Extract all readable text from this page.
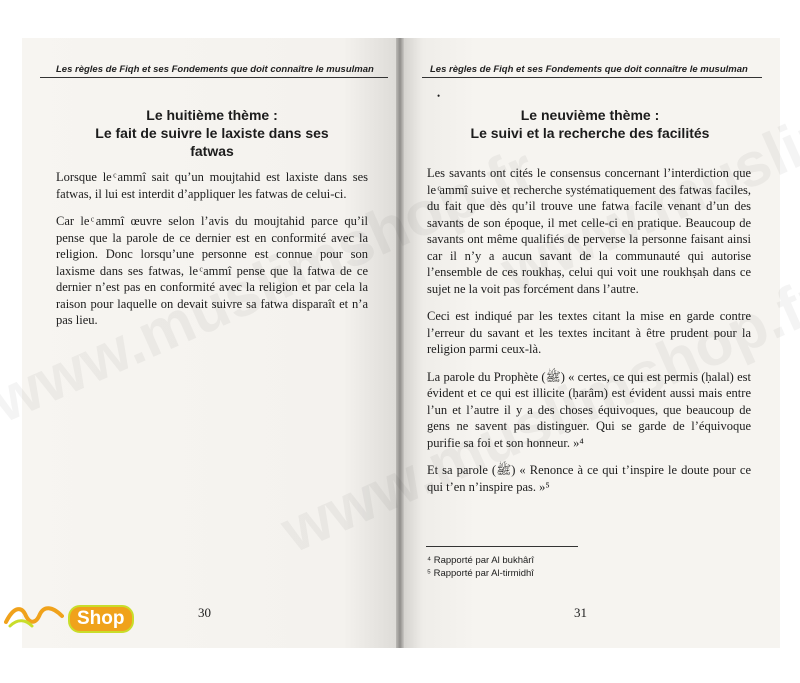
Les règles de Fiqh et ses Fondements que doit connaître le musulman
Le huitième thème :
Le fait de suivre le laxiste dans ses fatwas

Lorsque le ͨammî sait qu’un moujtahid est laxiste dans ses fatwas, il lui est interdit d’appliquer les fatwas de celui-ci.

Car le ͨammî œuvre selon l’avis du moujtahid parce qu’il pense que la parole de ce dernier est en conformité avec la religion. Donc lorsqu’une personne est connue pour son laxisme dans ses fatwas, le ͨammî pense que la fatwa de ce dernier n’est pas en conformité avec la religion et par cela la raison pour laquelle on devait suivre sa fatwa disparaît et n’a pas lieu.

30
Les règles de Fiqh et ses Fondements que doit connaître le musulman
•
Le neuvième thème :
Le suivi et la recherche des facilités

Les savants ont cités le consensus concernant l’interdiction que le ͨammî suive et recherche systématiquement des fatwas faciles, du fait que dès qu’il trouve une fatwa facile venant d’un des savants de son époque, il met celle-ci en pratique. Beaucoup de savants ont même qualifiés de perverse la personne faisant ainsi car il n’y a aucun savant de la communauté qui autorise l’ensemble de ces roukhaṣ, celui qui voit une roukhṣah dans ce sujet ne la voit pas forcément dans l’autre.

Ceci est indiqué par les textes citant la mise en garde contre l’erreur du savant et les textes incitant à être prudent pour la religion parmi ceux-là.

La parole du Prophète (ﷺ) « certes, ce qui est permis (ḥalal) est évident et ce qui est illicite (ḥarâm) est évident aussi mais entre l’un et l’autre il y a des choses équivoques, que beaucoup de gens ne savent pas distinguer. Qui se garde de l’équivoque purifie sa foi et son honneur. »⁴

Et sa parole (ﷺ) « Renonce à ce qui t’inspire le doute pour ce qui t’en n’inspire pas. »⁵

⁴ Rapporté par Al bukhârî
⁵ Rapporté par Al-tirmidhî
31
Shop
